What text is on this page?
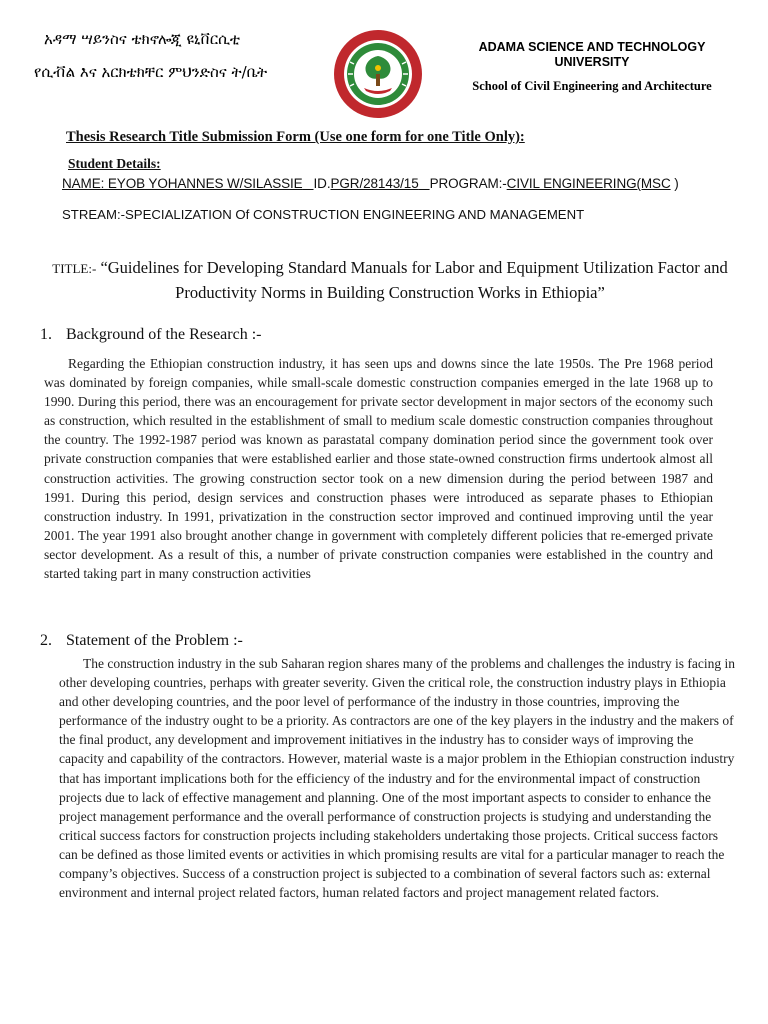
አዳማ ሣይንስና ቴክኖሎጂ ዩኒቨርሲቲ
የሲቭል እና አርክቴክቸር ምህንድስና ት/ቤት
ADAMA SCIENCE AND TECHNOLOGY
UNIVERSITY
School of Civil Engineering and Architecture
Thesis Research Title Submission Form (Use one form for one Title Only):
Student Details:
NAME: EYOB YOHANNES W/SILASSIE ID.PGR/28143/15 PROGRAM:-CIVIL ENGINEERING(MSC )
STREAM:-SPECIALIZATION Of CONSTRUCTION ENGINEERING AND MANAGEMENT
TITLE:- “Guidelines for Developing Standard Manuals for Labor and Equipment Utilization Factor and Productivity Norms in Building Construction Works in Ethiopia”
1. Background of the Research :-

Regarding the Ethiopian construction industry, it has seen ups and downs since the late 1950s. The Pre 1968 period was dominated by foreign companies, while small-scale domestic construction companies emerged in the late 1968 up to 1990. During this period, there was an encouragement for private sector development in major sectors of the economy such as construction, which resulted in the establishment of small to medium scale domestic construction companies throughout the country. The 1992-1987 period was known as parastatal company domination period since the government took over private construction companies that were established earlier and those state-owned construction firms undertook almost all construction activities. The growing construction sector took on a new dimension during the period between 1987 and 1991. During this period, design services and construction phases were introduced as separate phases to Ethiopian construction industry. In 1991, privatization in the construction sector improved and continued improving until the year 2001. The year 1991 also brought another change in government with completely different policies that re-emerged private sector development. As a result of this, a number of private construction companies were established in the country and started taking part in many construction activities

2. Statement of the Problem :-

The construction industry in the sub Saharan region shares many of the problems and challenges the industry is facing in other developing countries, perhaps with greater severity. Given the critical role, the construction industry plays in Ethiopia and other developing countries, and the poor level of performance of the industry in those countries, improving the performance of the industry ought to be a priority. As contractors are one of the key players in the industry and the makers of the final product, any development and improvement initiatives in the industry has to consider ways of improving the capacity and capability of the contractors. However, material waste is a major problem in the Ethiopian construction industry that has important implications both for the efficiency of the industry and for the environmental impact of construction projects due to lack of effective management and planning. One of the most important aspects to consider to enhance the project management performance and the overall performance of construction projects is studying and understanding the critical success factors for construction projects including stakeholders undertaking those projects. Critical success factors can be defined as those limited events or activities in which promising results are vital for a particular manager to reach the company’s objectives. Success of a construction project is subjected to a combination of several factors such as: external environment and internal project related factors, human related factors and project management related factors.
